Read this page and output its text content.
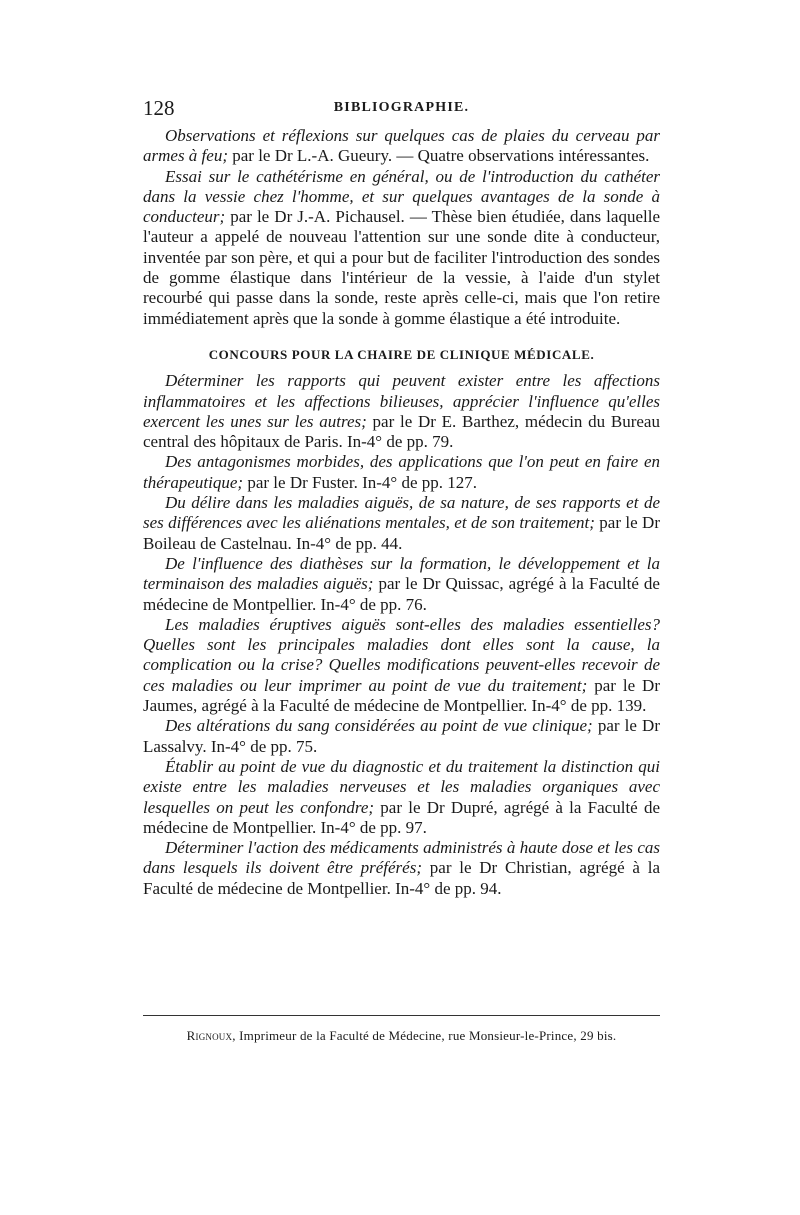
128	BIBLIOGRAPHIE.

Observations et réflexions sur quelques cas de plaies du cerveau par armes à feu; par le Dr L.-A. Gueury. — Quatre observations intéressantes.

Essai sur le cathétérisme en général, ou de l'introduction du cathéter dans la vessie chez l'homme, et sur quelques avantages de la sonde à conducteur; par le Dr J.-A. Pichausel. — Thèse bien étudiée, dans laquelle l'auteur a appelé de nouveau l'attention sur une sonde dite à conducteur, inventée par son père, et qui a pour but de faciliter l'introduction des sondes de gomme élastique dans l'intérieur de la vessie, à l'aide d'un stylet recourbé qui passe dans la sonde, reste après celle-ci, mais que l'on retire immédiatement après que la sonde à gomme élastique a été introduite.

CONCOURS POUR LA CHAIRE DE CLINIQUE MÉDICALE.

Déterminer les rapports qui peuvent exister entre les affections inflammatoires et les affections bilieuses, apprécier l'influence qu'elles exercent les unes sur les autres; par le Dr E. Barthez, médecin du Bureau central des hôpitaux de Paris. In-4° de pp. 79.

Des antagonismes morbides, des applications que l'on peut en faire en thérapeutique; par le Dr Fuster. In-4° de pp. 127.

Du délire dans les maladies aiguës, de sa nature, de ses rapports et de ses différences avec les aliénations mentales, et de son traitement; par le Dr Boileau de Castelnau. In-4° de pp. 44.

De l'influence des diathèses sur la formation, le développement et la terminaison des maladies aiguës; par le Dr Quissac, agrégé à la Faculté de médecine de Montpellier. In-4° de pp. 76.

Les maladies éruptives aiguës sont-elles des maladies essentielles? Quelles sont les principales maladies dont elles sont la cause, la complication ou la crise? Quelles modifications peuvent-elles recevoir de ces maladies ou leur imprimer au point de vue du traitement; par le Dr Jaumes, agrégé à la Faculté de médecine de Montpellier. In-4° de pp. 139.

Des altérations du sang considérées au point de vue clinique; par le Dr Lassalvy. In-4° de pp. 75.

Établir au point de vue du diagnostic et du traitement la distinction qui existe entre les maladies nerveuses et les maladies organiques avec lesquelles on peut les confondre; par le Dr Dupré, agrégé à la Faculté de médecine de Montpellier. In-4° de pp. 97.

Déterminer l'action des médicaments administrés à haute dose et les cas dans lesquels ils doivent être préférés; par le Dr Christian, agrégé à la Faculté de médecine de Montpellier. In-4° de pp. 94.

Rignoux, Imprimeur de la Faculté de Médecine, rue Monsieur-le-Prince, 29 bis.
